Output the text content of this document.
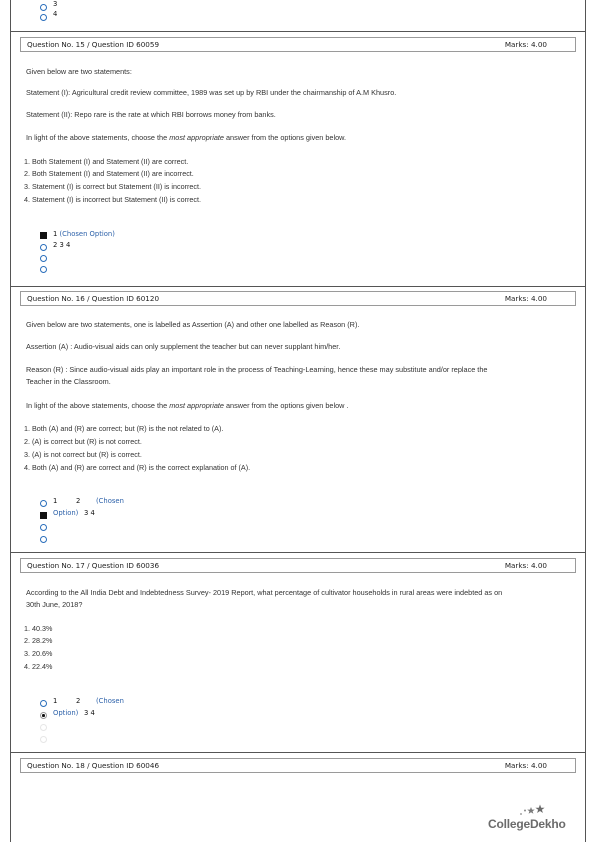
3
4
Question No. 15 / Question ID 60059	Marks: 4.00
Given below are two statements:
Statement (I): Agricultural credit review committee, 1989 was set up by RBI under the chairmanship of A.M Khusro.
Statement (II): Repo rare is the rate at which RBI borrows money from banks.
In light of the above statements, choose the most appropriate answer from the options given below.
1. Both Statement (I) and Statement (II) are correct.
2. Both Statement (I) and Statement (II) are incorrect.
3. Statement (I) is correct but Statement (II) is incorrect.
4. Statement (I) is incorrect but Statement (II) is correct.
1 (Chosen Option)
2 3 4
Question No. 16 / Question ID 60120	Marks: 4.00
Given below are two statements, one is labelled as Assertion (A) and other one labelled as Reason (R).
Assertion (A) : Audio-visual aids can only supplement the teacher but can never supplant him/her.
Reason (R) : Since audio-visual aids play an important role in the process of Teaching-Learning, hence these may substitute and/or replace the Teacher in the Classroom.
In light of the above statements, choose the most appropriate answer from the options given below .
1. Both (A) and (R) are correct; but (R) is the not related to (A).
2. (A) is correct but (R) is not correct.
3. (A) is not correct but (R) is correct.
4. Both (A) and (R) are correct and (R) is the correct explanation of (A).
1	2 (Chosen
Option) 3 4
Question No. 17 / Question ID 60036	Marks: 4.00
According to the All India Debt and Indebtedness Survey- 2019 Report, what percentage of cultivator households in rural areas were indebted as on 30th June, 2018?
1. 40.3%
2. 28.2%
3. 20.6%
4. 22.4%
1	2 (Chosen
Option) 3 4
Question No. 18 / Question ID 60046	Marks: 4.00
CollegeDekho
